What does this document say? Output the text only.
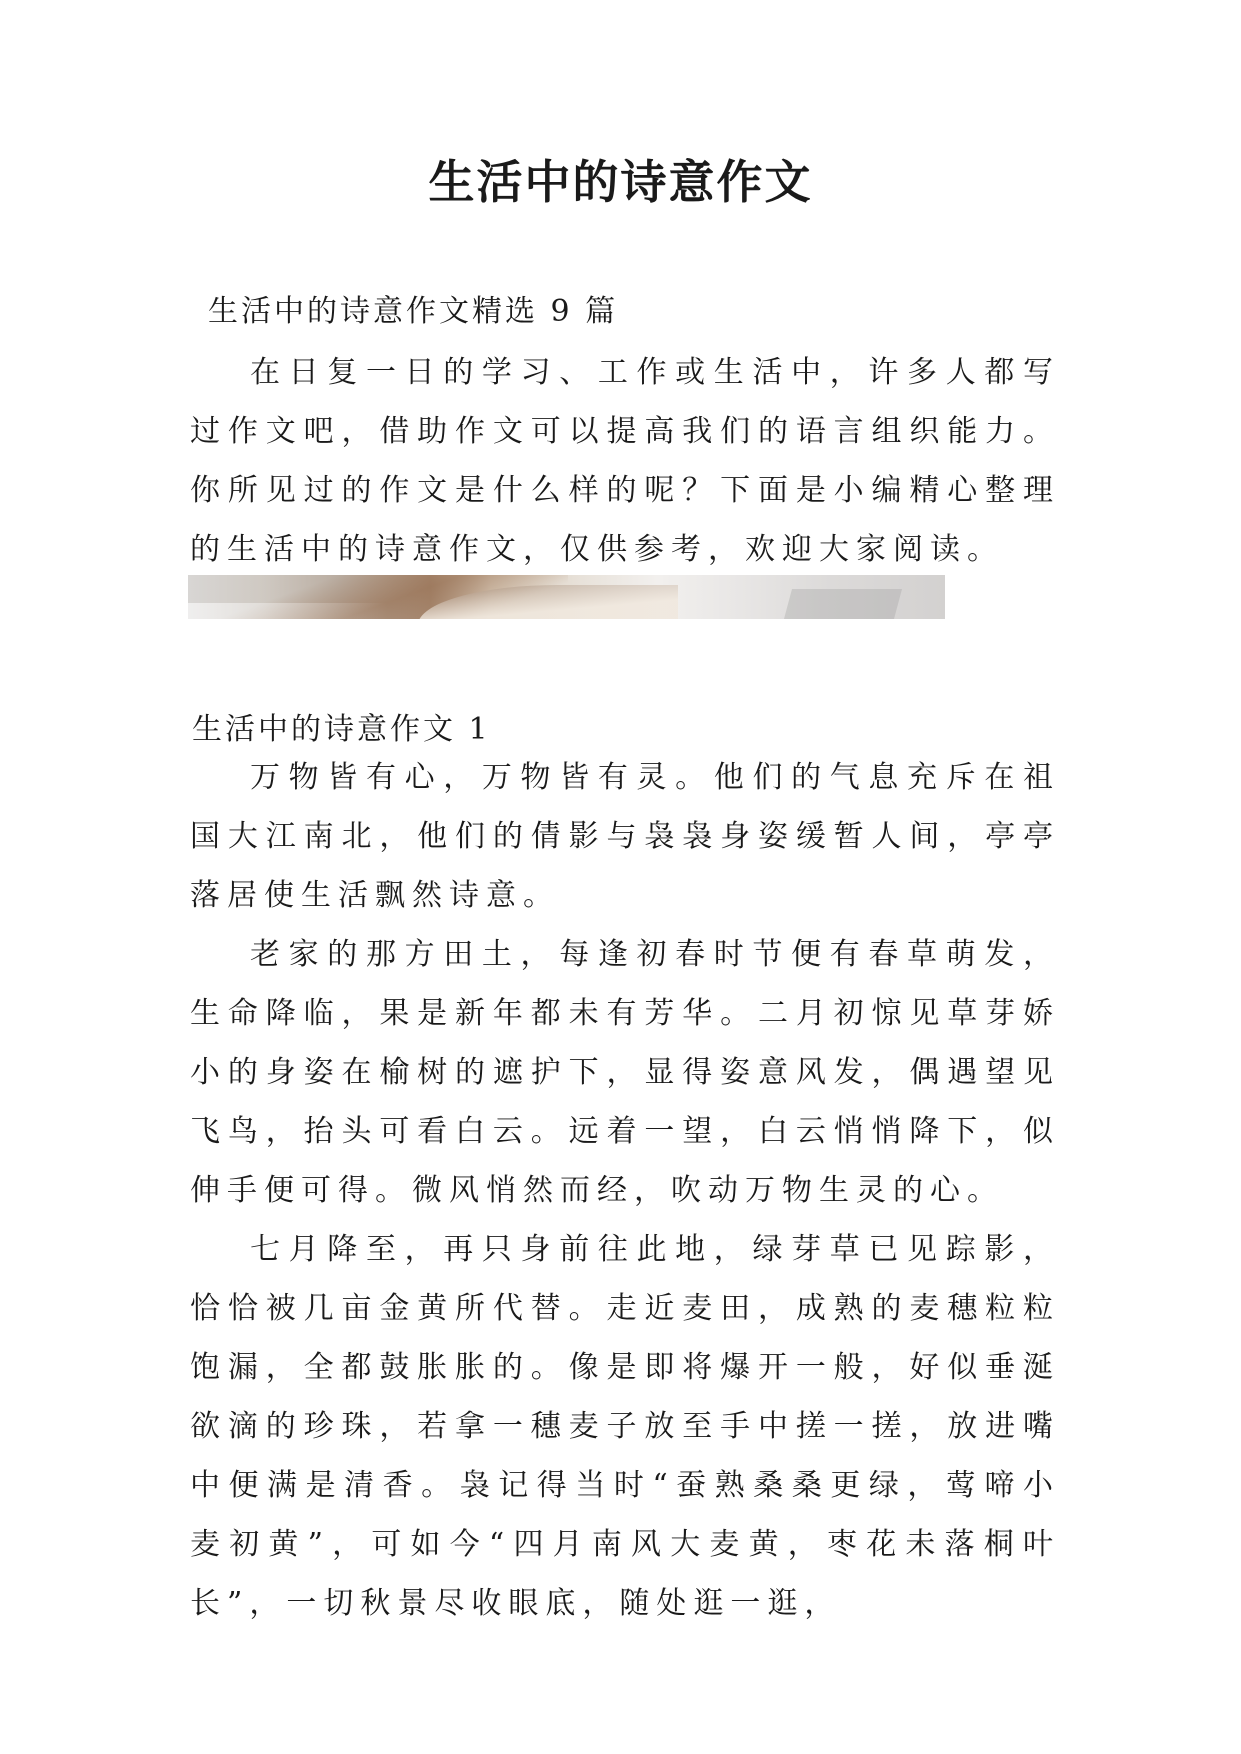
生活中的诗意作文

生活中的诗意作文精选 9 篇

在日复一日的学习、工作或生活中，许多人都写过作文吧，借助作文可以提高我们的语言组织能力。你所见过的作文是什么样的呢？下面是小编精心整理的生活中的诗意作文，仅供参考，欢迎大家阅读。

生活中的诗意作文 1

万物皆有心，万物皆有灵。他们的气息充斥在祖国大江南北，他们的倩影与袅袅身姿缓暂人间，亭亭落居使生活飘然诗意。

老家的那方田土，每逢初春时节便有春草萌发，生命降临，果是新年都未有芳华。二月初惊见草芽娇小的身姿在榆树的遮护下，显得姿意风发，偶遇望见飞鸟，抬头可看白云。远着一望，白云悄悄降下，似伸手便可得。微风悄然而经，吹动万物生灵的心。

七月降至，再只身前往此地，绿芽草已见踪影，恰恰被几亩金黄所代替。走近麦田，成熟的麦穗粒粒饱漏，全都鼓胀胀的。像是即将爆开一般，好似垂涎欲滴的珍珠，若拿一穗麦子放至手中搓一搓，放进嘴中便满是清香。袅记得当时“蚕熟桑桑更绿，莺啼小麦初黄”，可如今“四月南风大麦黄，枣花未落桐叶长”，一切秋景尽收眼底，随处逛一逛，
